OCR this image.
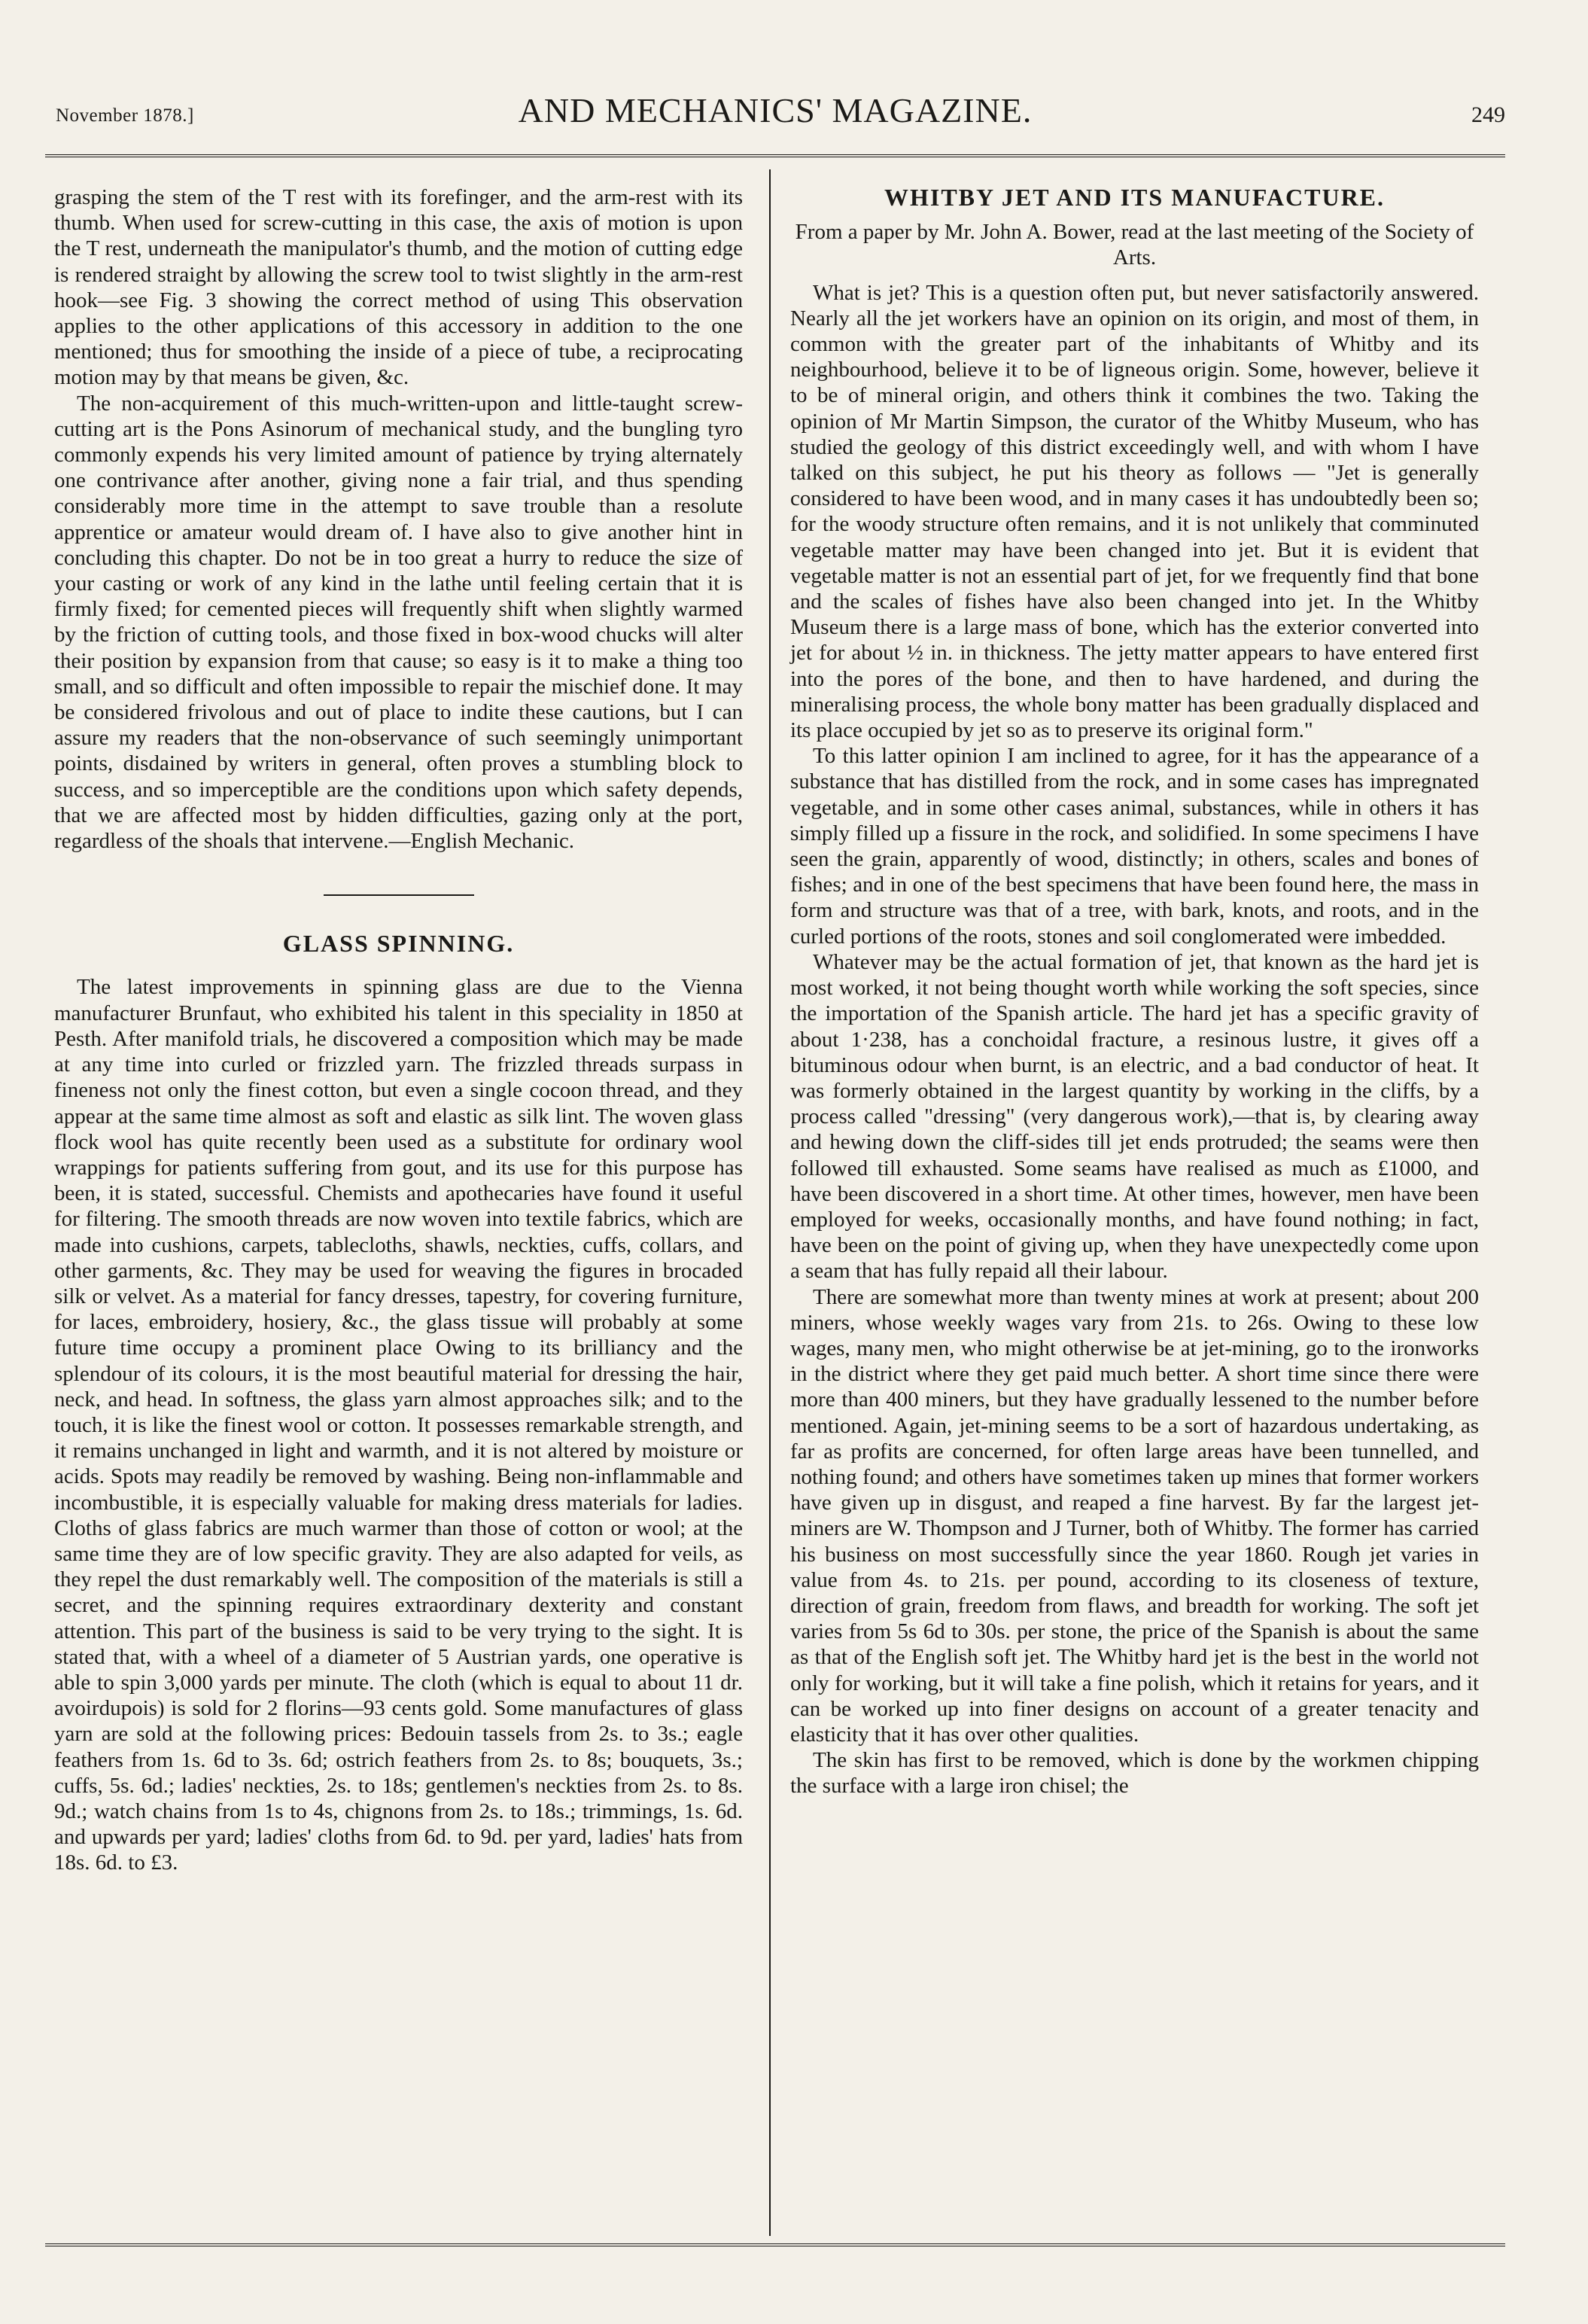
November 1878.]	AND MECHANICS' MAGAZINE.	249

grasping the stem of the T rest with its forefinger, and the arm-rest with its thumb. When used for screw-cutting in this case, the axis of motion is upon the T rest, underneath the manipulator's thumb, and the motion of cutting edge is rendered straight by allowing the screw tool to twist slightly in the arm-rest hook—see Fig. 3 showing the correct method of using This observation applies to the other applications of this accessory in addition to the one mentioned; thus for smoothing the inside of a piece of tube, a reciprocating motion may by that means be given, &c.

The non-acquirement of this much-written-upon and little-taught screw-cutting art is the Pons Asinorum of mechanical study, and the bungling tyro commonly expends his very limited amount of patience by trying alternately one contrivance after another, giving none a fair trial, and thus spending considerably more time in the attempt to save trouble than a resolute apprentice or amateur would dream of. I have also to give another hint in concluding this chapter. Do not be in too great a hurry to reduce the size of your casting or work of any kind in the lathe until feeling certain that it is firmly fixed; for cemented pieces will frequently shift when slightly warmed by the friction of cutting tools, and those fixed in box-wood chucks will alter their position by expansion from that cause; so easy is it to make a thing too small, and so difficult and often impossible to repair the mischief done. It may be considered frivolous and out of place to indite these cautions, but I can assure my readers that the non-observance of such seemingly unimportant points, disdained by writers in general, often proves a stumbling block to success, and so imperceptible are the conditions upon which safety depends, that we are affected most by hidden difficulties, gazing only at the port, regardless of the shoals that intervene.—English Mechanic.

GLASS SPINNING.

The latest improvements in spinning glass are due to the Vienna manufacturer Brunfaut, who exhibited his talent in this speciality in 1850 at Pesth. After manifold trials, he discovered a composition which may be made at any time into curled or frizzled yarn. The frizzled threads surpass in fineness not only the finest cotton, but even a single cocoon thread, and they appear at the same time almost as soft and elastic as silk lint. The woven glass flock wool has quite recently been used as a substitute for ordinary wool wrappings for patients suffering from gout, and its use for this purpose has been, it is stated, successful. Chemists and apothecaries have found it useful for filtering. The smooth threads are now woven into textile fabrics, which are made into cushions, carpets, tablecloths, shawls, neckties, cuffs, collars, and other garments, &c. They may be used for weaving the figures in brocaded silk or velvet. As a material for fancy dresses, tapestry, for covering furniture, for laces, embroidery, hosiery, &c., the glass tissue will probably at some future time occupy a prominent place Owing to its brilliancy and the splendour of its colours, it is the most beautiful material for dressing the hair, neck, and head. In softness, the glass yarn almost approaches silk; and to the touch, it is like the finest wool or cotton. It possesses remarkable strength, and it remains unchanged in light and warmth, and it is not altered by moisture or acids. Spots may readily be removed by washing. Being non-inflammable and incombustible, it is especially valuable for making dress materials for ladies. Cloths of glass fabrics are much warmer than those of cotton or wool; at the same time they are of low specific gravity. They are also adapted for veils, as they repel the dust remarkably well. The composition of the materials is still a secret, and the spinning requires extraordinary dexterity and constant attention. This part of the business is said to be very trying to the sight. It is stated that, with a wheel of a diameter of 5 Austrian yards, one operative is able to spin 3,000 yards per minute. The cloth (which is equal to about 11 dr. avoirdupois) is sold for 2 florins—93 cents gold. Some manufactures of glass yarn are sold at the following prices: Bedouin tassels from 2s. to 3s.; eagle feathers from 1s. 6d to 3s. 6d; ostrich feathers from 2s. to 8s; bouquets, 3s.; cuffs, 5s. 6d.; ladies' neckties, 2s. to 18s; gentlemen's neckties from 2s. to 8s. 9d.; watch chains from 1s to 4s, chignons from 2s. to 18s.; trimmings, 1s. 6d. and upwards per yard; ladies' cloths from 6d. to 9d. per yard, ladies' hats from 18s. 6d. to £3.

WHITBY JET AND ITS MANUFACTURE.

From a paper by Mr. John A. Bower, read at the last meeting of the Society of Arts.

What is jet? This is a question often put, but never satisfactorily answered. Nearly all the jet workers have an opinion on its origin, and most of them, in common with the greater part of the inhabitants of Whitby and its neighbourhood, believe it to be of ligneous origin. Some, however, believe it to be of mineral origin, and others think it combines the two. Taking the opinion of Mr Martin Simpson, the curator of the Whitby Museum, who has studied the geology of this district exceedingly well, and with whom I have talked on this subject, he put his theory as follows — "Jet is generally considered to have been wood, and in many cases it has undoubtedly been so; for the woody structure often remains, and it is not unlikely that comminuted vegetable matter may have been changed into jet. But it is evident that vegetable matter is not an essential part of jet, for we frequently find that bone and the scales of fishes have also been changed into jet. In the Whitby Museum there is a large mass of bone, which has the exterior converted into jet for about ½ in. in thickness. The jetty matter appears to have entered first into the pores of the bone, and then to have hardened, and during the mineralising process, the whole bony matter has been gradually displaced and its place occupied by jet so as to preserve its original form."

To this latter opinion I am inclined to agree, for it has the appearance of a substance that has distilled from the rock, and in some cases has impregnated vegetable, and in some other cases animal, substances, while in others it has simply filled up a fissure in the rock, and solidified. In some specimens I have seen the grain, apparently of wood, distinctly; in others, scales and bones of fishes; and in one of the best specimens that have been found here, the mass in form and structure was that of a tree, with bark, knots, and roots, and in the curled portions of the roots, stones and soil conglomerated were imbedded.

Whatever may be the actual formation of jet, that known as the hard jet is most worked, it not being thought worth while working the soft species, since the importation of the Spanish article. The hard jet has a specific gravity of about 1·238, has a conchoidal fracture, a resinous lustre, it gives off a bituminous odour when burnt, is an electric, and a bad conductor of heat. It was formerly obtained in the largest quantity by working in the cliffs, by a process called "dressing" (very dangerous work),—that is, by clearing away and hewing down the cliff-sides till jet ends protruded; the seams were then followed till exhausted. Some seams have realised as much as £1000, and have been discovered in a short time. At other times, however, men have been employed for weeks, occasionally months, and have found nothing; in fact, have been on the point of giving up, when they have unexpectedly come upon a seam that has fully repaid all their labour.

There are somewhat more than twenty mines at work at present; about 200 miners, whose weekly wages vary from 21s. to 26s. Owing to these low wages, many men, who might otherwise be at jet-mining, go to the ironworks in the district where they get paid much better. A short time since there were more than 400 miners, but they have gradually lessened to the number before mentioned. Again, jet-mining seems to be a sort of hazardous undertaking, as far as profits are concerned, for often large areas have been tunnelled, and nothing found; and others have sometimes taken up mines that former workers have given up in disgust, and reaped a fine harvest. By far the largest jet-miners are W. Thompson and J Turner, both of Whitby. The former has carried his business on most successfully since the year 1860. Rough jet varies in value from 4s. to 21s. per pound, according to its closeness of texture, direction of grain, freedom from flaws, and breadth for working. The soft jet varies from 5s 6d to 30s. per stone, the price of the Spanish is about the same as that of the English soft jet. The Whitby hard jet is the best in the world not only for working, but it will take a fine polish, which it retains for years, and it can be worked up into finer designs on account of a greater tenacity and elasticity that it has over other qualities.

The skin has first to be removed, which is done by the workmen chipping the surface with a large iron chisel; the
